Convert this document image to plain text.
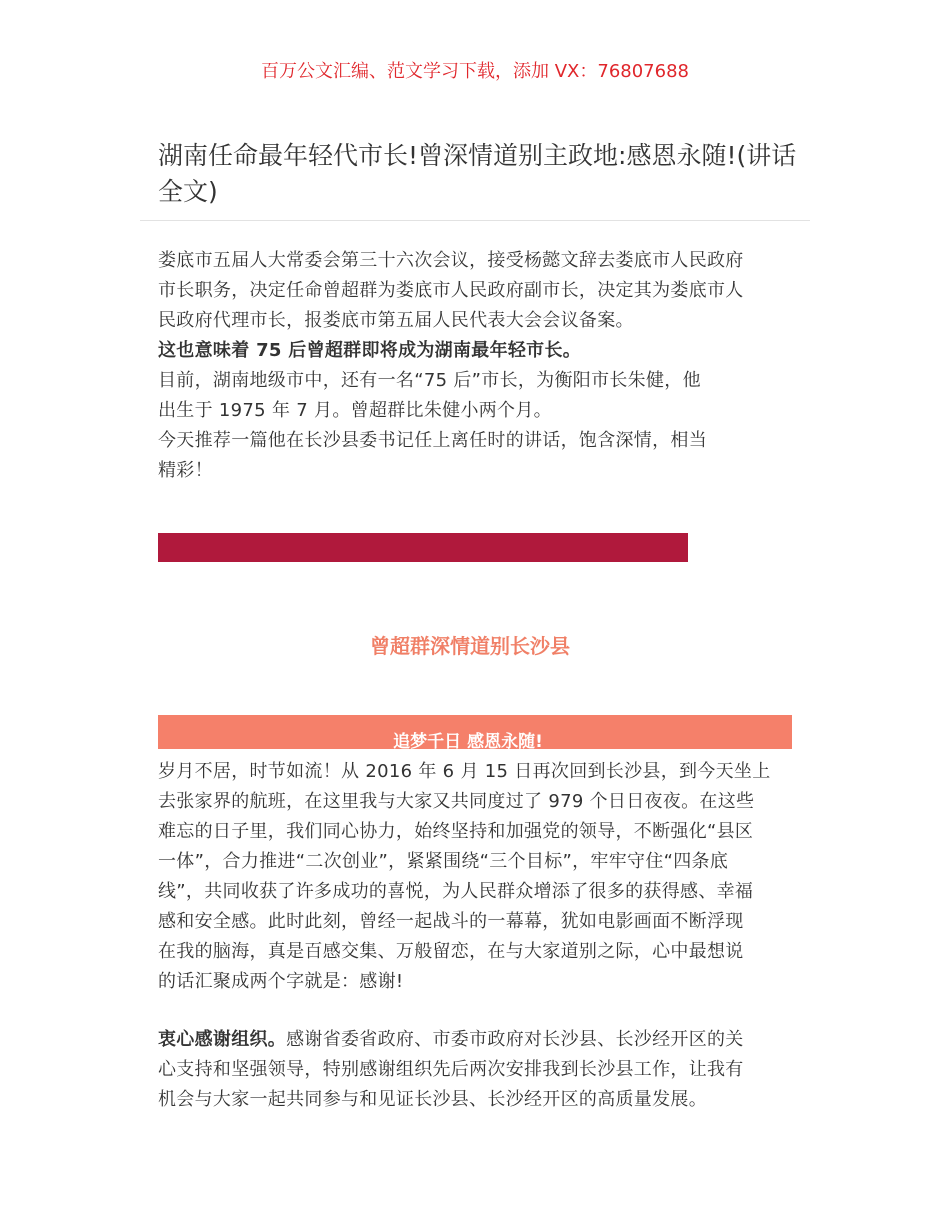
百万公文汇编、范文学习下载，添加 VX：76807688
湖南任命最年轻代市长!曾深情道别主政地:感恩永随!(讲话全文)
娄底市五届人大常委会第三十六次会议，接受杨懿文辞去娄底市人民政府
市长职务，决定任命曾超群为娄底市人民政府副市长，决定其为娄底市人
民政府代理市长，报娄底市第五届人民代表大会会议备案。
这也意味着 75 后曾超群即将成为湖南最年轻市长。
目前，湖南地级市中，还有一名“75 后”市长，为衡阳市长朱健，他
出生于 1975 年 7 月。曾超群比朱健小两个月。
今天推荐一篇他在长沙县委书记任上离任时的讲话，饱含深情，相当
精彩！
曾超群深情道别长沙县
追梦千日 感恩永随!
岁月不居，时节如流！从 2016 年 6 月 15 日再次回到长沙县，到今天坐上
去张家界的航班，在这里我与大家又共同度过了 979 个日日夜夜。在这些
难忘的日子里，我们同心协力，始终坚持和加强党的领导，不断强化“县区
一体”，合力推进“二次创业”，紧紧围绕“三个目标”，牢牢守住“四条底
线”，共同收获了许多成功的喜悦，为人民群众增添了很多的获得感、幸福
感和安全感。此时此刻，曾经一起战斗的一幕幕，犹如电影画面不断浮现
在我的脑海，真是百感交集、万般留恋，在与大家道别之际，心中最想说
的话汇聚成两个字就是：感谢!
衷心感谢组织。感谢省委省政府、市委市政府对长沙县、长沙经开区的关
心支持和坚强领导，特别感谢组织先后两次安排我到长沙县工作，让我有
机会与大家一起共同参与和见证长沙县、长沙经开区的高质量发展。
